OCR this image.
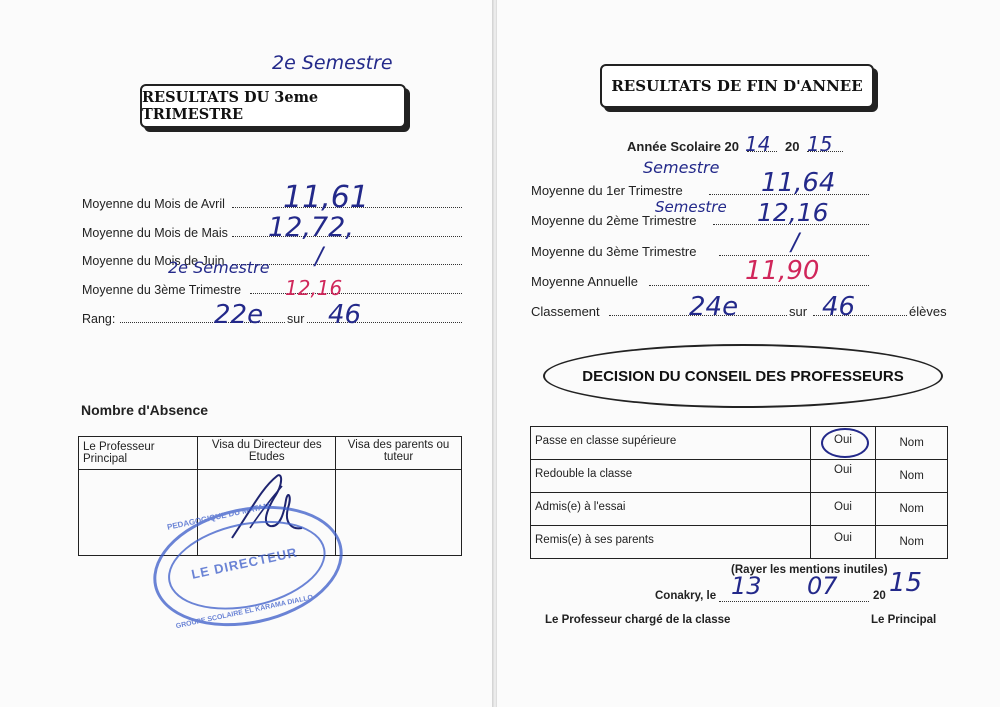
2e Semestre
RESULTATS DU 3eme TRIMESTRE
Moyenne du Mois de Avril 11,61
Moyenne du Mois de Mais 12,72,
Moyenne du Mois de Juin	/
2e Semestre
Moyenne du 3ème Trimestre 12,16
Rang:	22e sur 46
Nombre d'Absence
Le Professeur Principal	Visa du Directeur des Etudes	Visa des parents ou tuteur

LE DIRECTEUR
PEDAGOGIQUE DU MATAM
GROUPE SCOLAIRE EL KARAMA DIALLO
RESULTATS DE FIN D'ANNEE
Année Scolaire 20 14 20 15
Semestre
Moyenne du 1er Trimestre	11,64
Semestre
Moyenne du 2ème Trimestre 12,16
Moyenne du 3ème Trimestre	/
Moyenne Annuelle	11,90
Classement	24e	sur 46	élèves
DECISION DU CONSEIL DES PROFESSEURS
Passe en classe supérieure	Oui	Nom
Redouble la classe	Oui	Nom
Admis(e) à l'essai	Oui	Nom
Remis(e) à ses parents	Oui	Nom
(Rayer les mentions inutiles)
Conakry, le 13 07	20 15
Le Professeur chargé de la classe	Le Principal
